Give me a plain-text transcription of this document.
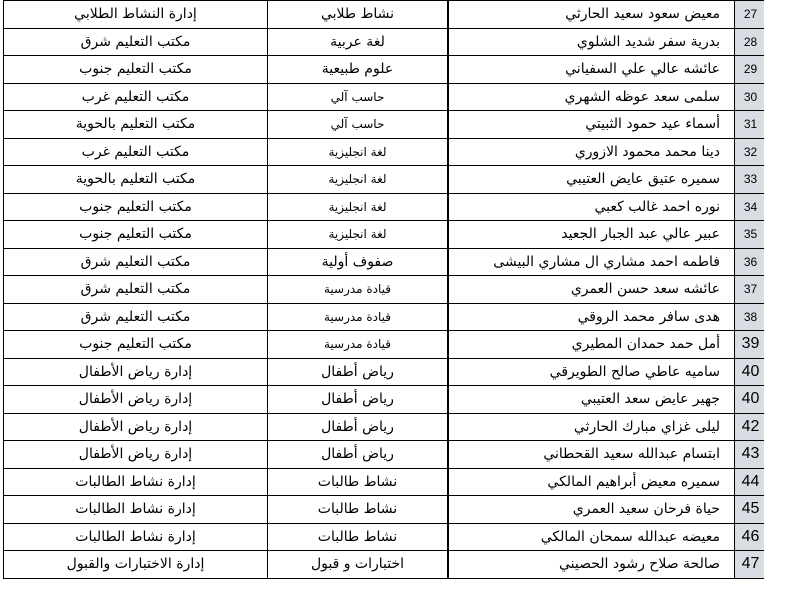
27	معيض سعود سعيد الحارثي		نشاط طلابي	إدارة النشاط الطلابي
28	بدرية سفر شديد الشلوي		لغة عربية	مكتب التعليم شرق
29	عائشه عالي علي السفياني		علوم طبيعية	مكتب التعليم جنوب
30	سلمى سعد عوظه الشهري		حاسب آلي	مكتب التعليم غرب
31	أسماء عيد حمود الثبيتي		حاسب آلي	مكتب التعليم بالحوية
32	دينا محمد محمود الازوري		لغة انجليزية	مكتب التعليم غرب
33	سميره عتيق عايض العتيبي		لغة انجليزية	مكتب التعليم بالحوية
34	نوره احمد غالب كعبي		لغة انجليزية	مكتب التعليم جنوب
35	عبير عالي عبد الجبار الجعيد		لغة انجليزية	مكتب التعليم جنوب
36	فاطمه احمد مشاري ال مشاري البيشى		صفوف أولية	مكتب التعليم شرق
37	عائشه سعد حسن العمري		قيادة مدرسية	مكتب التعليم شرق
38	هدى سافر محمد الروقي		قيادة مدرسية	مكتب التعليم شرق
39	أمل حمد حمدان المطيري		قيادة مدرسية	مكتب التعليم جنوب
40	ساميه عاطي صالح الطويرقي		رياض أطفال	إدارة رياض الأطفال
40	جهير عايض سعد العتيبي		رياض أطفال	إدارة رياض الأطفال
42	ليلى غزاي مبارك الحارثي		رياض أطفال	إدارة رياض الأطفال
43	ابتسام عبدالله سعيد القحطاني		رياض أطفال	إدارة رياض الأطفال
44	سميره معيض أبراهيم المالكي		نشاط طالبات	إدارة نشاط الطالبات
45	حياة فرحان سعيد العمري		نشاط طالبات	إدارة نشاط الطالبات
46	معيضه عبدالله سمحان المالكي		نشاط طالبات	إدارة نشاط الطالبات
47	صالحة صلاح رشود الحصيني		اختبارات و قبول	إدارة الاختبارات والقبول
